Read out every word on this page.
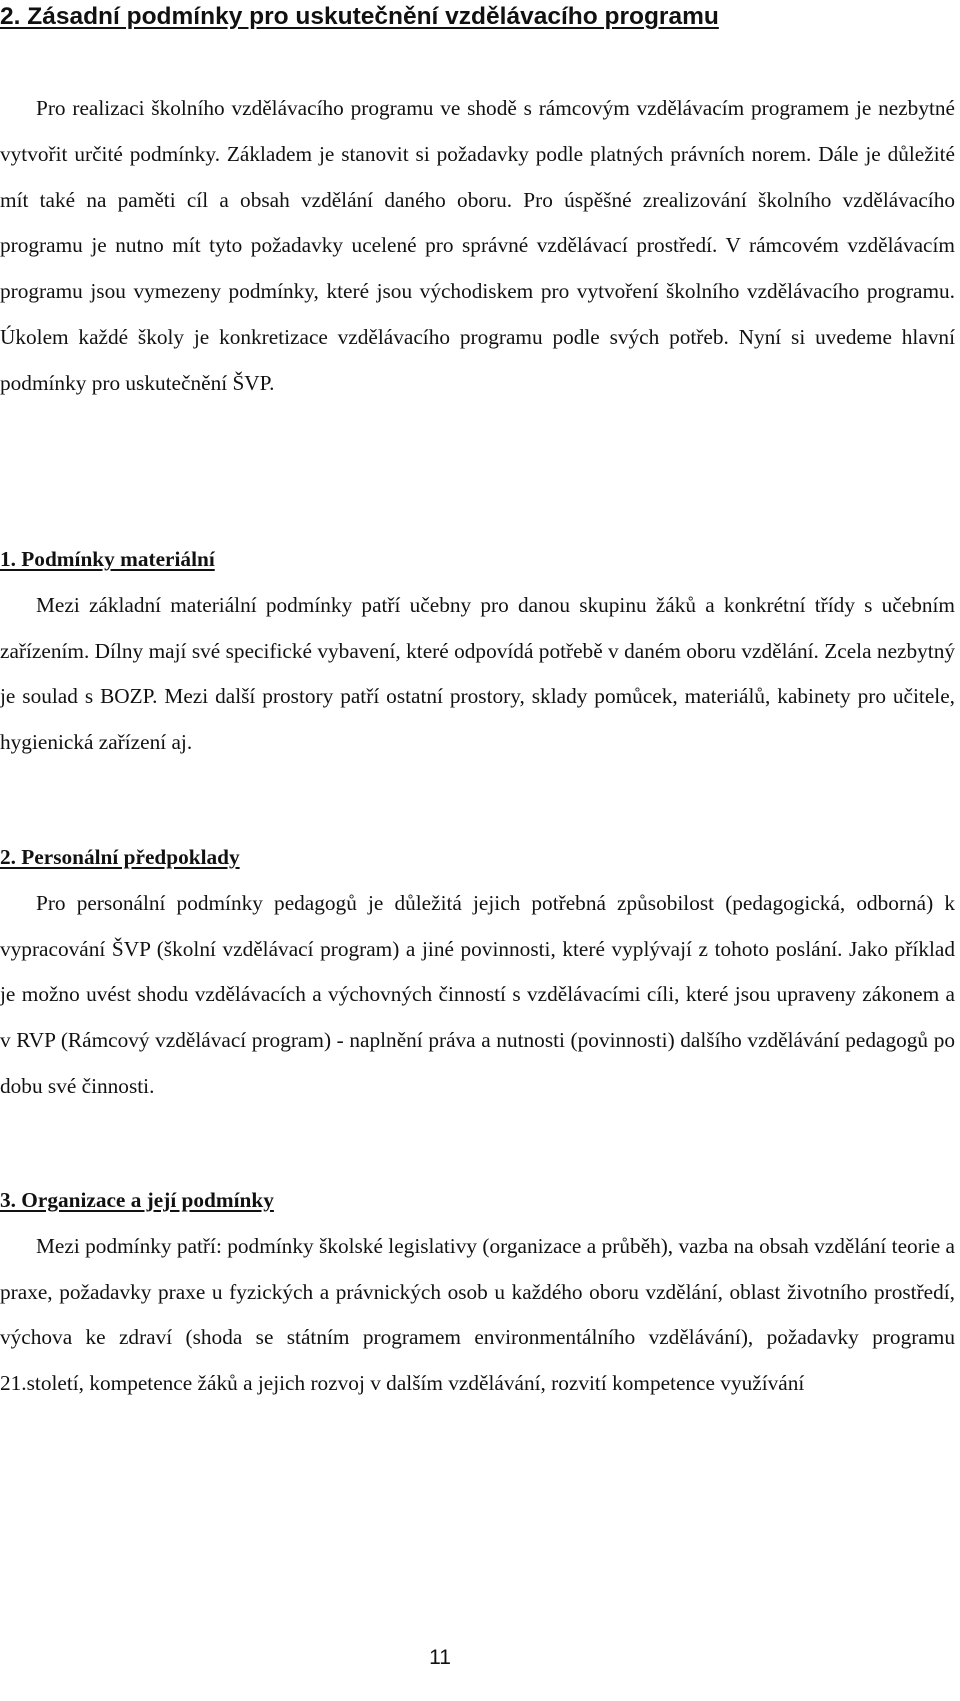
2. Zásadní podmínky pro uskutečnění vzdělávacího programu

Pro realizaci školního vzdělávacího programu ve shodě s rámcovým vzdělávacím programem je nezbytné vytvořit určité podmínky. Základem je stanovit si požadavky podle platných právních norem. Dále je důležité mít také na paměti cíl a obsah vzdělání daného oboru. Pro úspěšné zrealizování školního vzdělávacího programu je nutno mít tyto požadavky ucelené pro správné vzdělávací prostředí. V rámcovém vzdělávacím programu jsou vymezeny podmínky, které jsou východiskem pro vytvoření školního vzdělávacího programu. Úkolem každé školy je konkretizace vzdělávacího programu podle svých potřeb. Nyní si uvedeme hlavní podmínky pro uskutečnění ŠVP.

1. Podmínky materiální

Mezi základní materiální podmínky patří učebny pro danou skupinu žáků a konkrétní třídy s učebním zařízením. Dílny mají své specifické vybavení, které odpovídá potřebě v daném oboru vzdělání. Zcela nezbytný je soulad s BOZP. Mezi další prostory patří ostatní prostory, sklady pomůcek, materiálů, kabinety pro učitele, hygienická zařízení aj.

2. Personální předpoklady

Pro personální podmínky pedagogů je důležitá jejich potřebná způsobilost (pedagogická, odborná) k vypracování ŠVP (školní vzdělávací program) a jiné povinnosti, které vyplývají z tohoto poslání. Jako příklad je možno uvést shodu vzdělávacích a výchovných činností s vzdělávacími cíli, které jsou upraveny zákonem a v RVP (Rámcový vzdělávací program) - naplnění práva a nutnosti (povinnosti) dalšího vzdělávání pedagogů po dobu své činnosti.

3. Organizace a její podmínky

Mezi podmínky patří: podmínky školské legislativy (organizace a průběh), vazba na obsah vzdělání teorie a praxe, požadavky praxe u fyzických a právnických osob u každého oboru vzdělání, oblast životního prostředí, výchova ke zdraví (shoda se státním programem environmentálního vzdělávání), požadavky programu 21.století, kompetence žáků a jejich rozvoj v dalším vzdělávání, rozvití kompetence využívání

11
